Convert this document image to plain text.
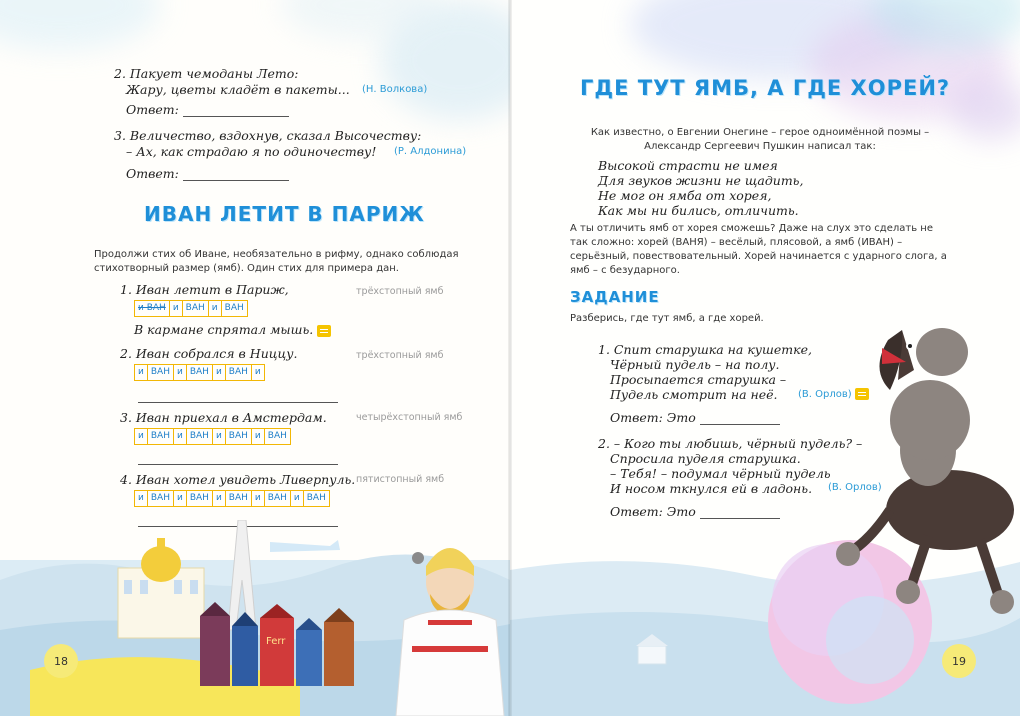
2. Пакует чемоданы Лето:
Жару, цветы кладёт в пакеты... (Н. Волкова)
Ответ:
3. Величество, вздохнув, сказал Высочеству:
– Ах, как страдаю я по одиночеству! (Р. Алдонина)
Ответ:
ИВАН ЛЕТИТ В ПАРИЖ
Продолжи стих об Иване, необязательно в рифму, однако соблюдая стихотворный размер (ямб). Один стих для примера дан.
1. Иван летит в Париж,	трёхстопный ямб
и ВАН и ВАН и ВАН
В кармане спрятал мышь.
2. Иван собрался в Ниццу.	трёхстопный ямб
и ВАН и ВАН и ВАН и
3. Иван приехал в Амстердам.	четырёхстопный ямб
и ВАН и ВАН и ВАН и ВАН
4. Иван хотел увидеть Ливерпуль. пятистопный ямб
и ВАН и ВАН и ВАН и ВАН и ВАН
Ferr
18
ГДЕ ТУТ ЯМБ, А ГДЕ ХОРЕЙ?
Как известно, о Евгении Онегине – герое одноимённой поэмы – Александр Сергеевич Пушкин написал так:
Высокой страсти не имея
Для звуков жизни не щадить,
Не мог он ямба от хорея,
Как мы ни бились, отличить.
А ты отличить ямб от хорея сможешь? Даже на слух это сделать не так сложно: хорей (ВАНЯ) – весёлый, плясовой, а ямб (ИВАН) – серьёзный, повествовательный. Хорей начинается с ударного слога, а ямб – с безударного.
ЗАДАНИЕ
Разберись, где тут ямб, а где хорей.
1. Спит старушка на кушетке,
Чёрный пудель – на полу.
Просыпается старушка –
Пудель смотрит на неё.	(В. Орлов)
Ответ: Это
2. – Кого ты любишь, чёрный пудель? –
Спросила пуделя старушка.
– Тебя! – подумал чёрный пудель
И носом ткнулся ей в ладонь.	(В. Орлов)
Ответ: Это
19
